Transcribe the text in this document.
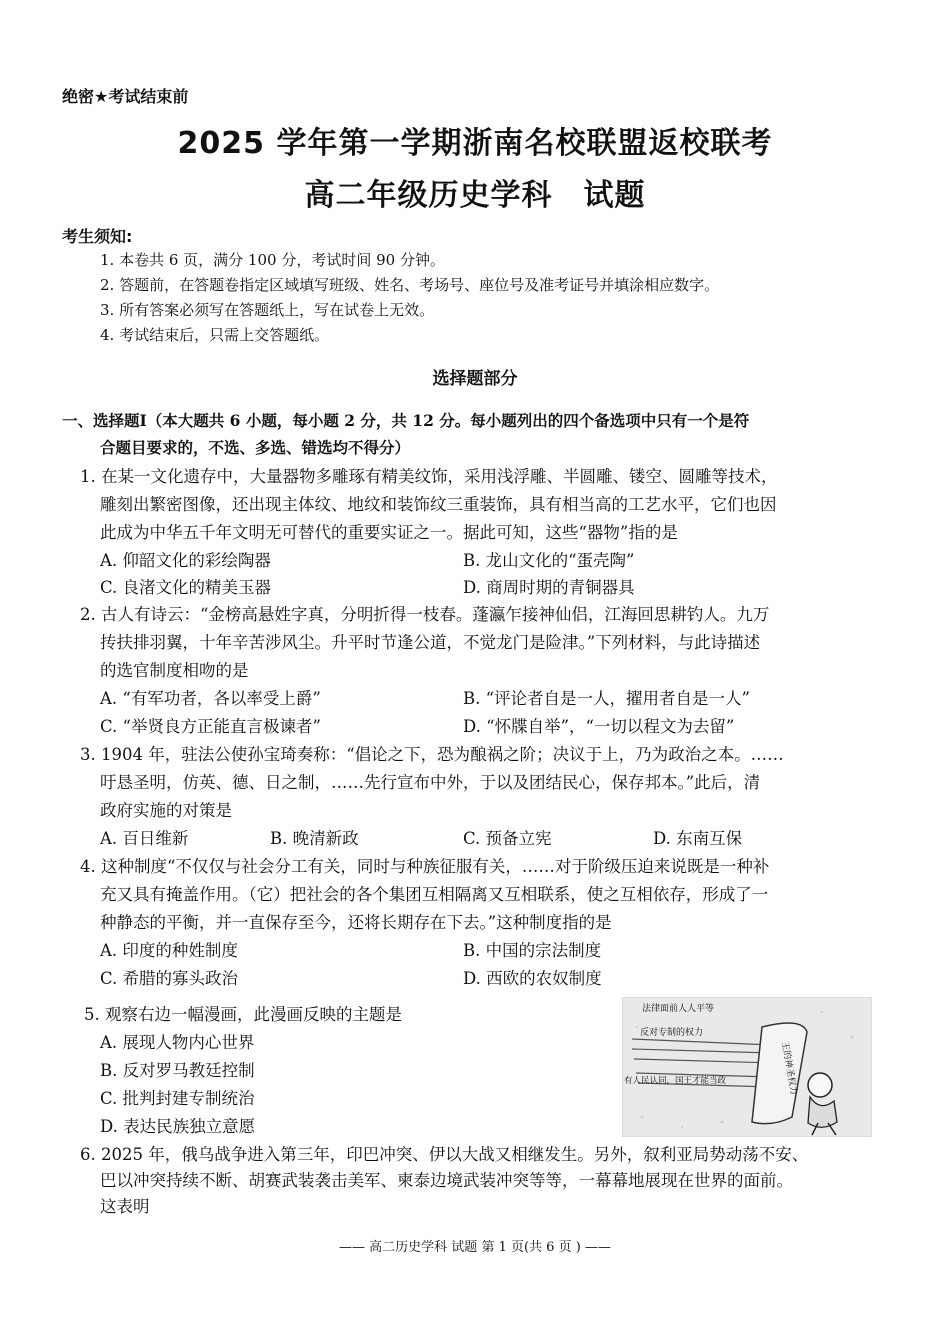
绝密★考试结束前
2025 学年第一学期浙南名校联盟返校联考
高二年级历史学科　试题
考生须知:
1. 本卷共 6 页，满分 100 分，考试时间 90 分钟。
2. 答题前，在答题卷指定区域填写班级、姓名、考场号、座位号及准考证号并填涂相应数字。
3. 所有答案必须写在答题纸上，写在试卷上无效。
4. 考试结束后，只需上交答题纸。
选择题部分
一、选择题Ⅰ（本大题共 6 小题，每小题 2 分，共 12 分。每小题列出的四个备选项中只有一个是符
合题目要求的，不选、多选、错选均不得分）
1. 在某一文化遗存中，大量器物多雕琢有精美纹饰，采用浅浮雕、半圆雕、镂空、圆雕等技术，
雕刻出繁密图像，还出现主体纹、地纹和装饰纹三重装饰，具有相当高的工艺水平，它们也因
此成为中华五千年文明无可替代的重要实证之一。据此可知，这些“器物”指的是
A. 仰韶文化的彩绘陶器	B. 龙山文化的“蛋壳陶”
C. 良渚文化的精美玉器	D. 商周时期的青铜器具
2. 古人有诗云：“金榜高悬姓字真，分明折得一枝春。蓬瀛乍接神仙侣，江海回思耕钓人。九万
抟扶排羽翼，十年辛苦涉风尘。升平时节逢公道，不觉龙门是险津。”下列材料，与此诗描述
的选官制度相吻的是
A. “有军功者，各以率受上爵”	B. “评论者自是一人，擢用者自是一人”
C. “举贤良方正能直言极谏者”	D. “怀牒自举”，“一切以程文为去留”
3. 1904 年，驻法公使孙宝琦奏称：“倡论之下，恐为酿祸之阶；决议于上，乃为政治之本。……
吁恳圣明，仿英、德、日之制，……先行宣布中外，于以及团结民心，保存邦本。”此后，清
政府实施的对策是
A. 百日维新	B. 晚清新政	C. 预备立宪	D. 东南互保
4. 这种制度“不仅仅与社会分工有关，同时与种族征服有关，……对于阶级压迫来说既是一种补
充又具有掩盖作用。（它）把社会的各个集团互相隔离又互相联系，使之互相依存，形成了一
种静态的平衡，并一直保存至今，还将长期存在下去。”这种制度指的是
A. 印度的种姓制度	B. 中国的宗法制度
C. 希腊的寡头政治	D. 西欧的农奴制度
5. 观察右边一幅漫画，此漫画反映的主题是
A. 展现人物内心世界
B. 反对罗马教廷控制
C. 批判封建专制统治
D. 表达民族独立意愿
法律面前人人平等
反对专制的权力
有人民认同，国王才能当政	王的神圣权力
6. 2025 年，俄乌战争进入第三年，印巴冲突、伊以大战又相继发生。另外，叙利亚局势动荡不安、
巴以冲突持续不断、胡赛武装袭击美军、柬泰边境武装冲突等等，一幕幕地展现在世界的面前。
这表明
—— 高二历史学科 试题 第 1 页(共 6 页 ) ——
